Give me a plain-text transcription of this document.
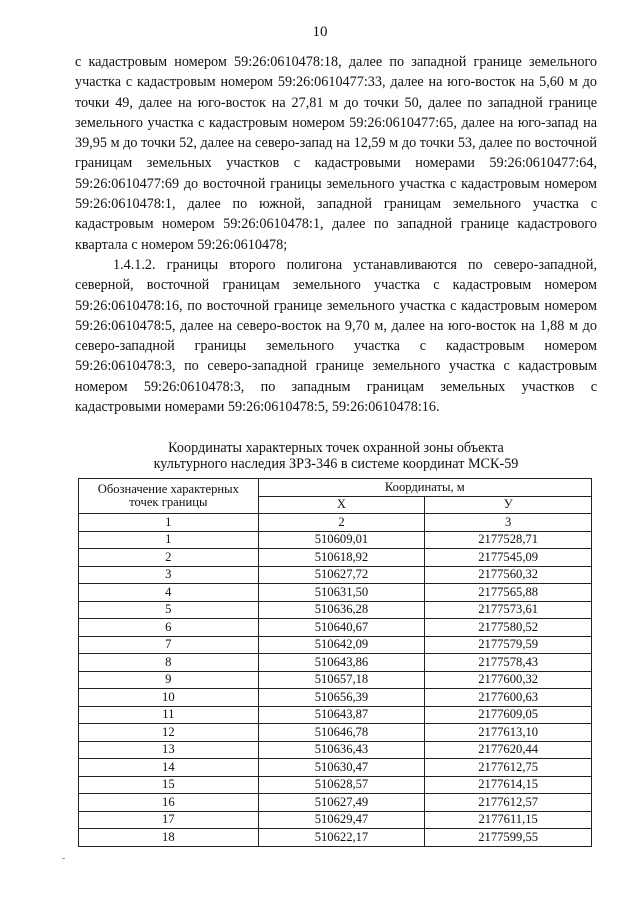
10

с кадастровым номером 59:26:0610478:18, далее по западной границе земельного участка с кадастровым номером 59:26:0610477:33, далее на юго-восток на 5,60 м до точки 49, далее на юго-восток на 27,81 м до точки 50, далее по западной границе земельного участка с кадастровым номером 59:26:0610477:65, далее на юго-запад на 39,95 м до точки 52, далее на северо-запад на 12,59 м до точки 53, далее по восточной границам земельных участков с кадастровыми номерами 59:26:0610477:64, 59:26:0610477:69 до восточной границы земельного участка с кадастровым номером 59:26:0610478:1, далее по южной, западной границам земельного участка с кадастровым номером 59:26:0610478:1, далее по западной границе кадастрового квартала с номером 59:26:0610478;

1.4.1.2. границы второго полигона устанавливаются по северо-западной, северной, восточной границам земельного участка с кадастровым номером 59:26:0610478:16, по восточной границе земельного участка с кадастровым номером 59:26:0610478:5, далее на северо-восток на 9,70 м, далее на юго-восток на 1,88 м до северо-западной границы земельного участка с кадастровым номером 59:26:0610478:3, по северо-западной границе земельного участка с кадастровым номером 59:26:0610478:3, по западным границам земельных участков с кадастровыми номерами 59:26:0610478:5, 59:26:0610478:16.

Координаты характерных точек охранной зоны объекта
культурного наследия ЗРЗ-346 в системе координат МСК-59
Обозначение характерных точек границы	Координаты, м	
	X	У
1	2	3
1	510609,01	2177528,71
2	510618,92	2177545,09
3	510627,72	2177560,32
4	510631,50	2177565,88
5	510636,28	2177573,61
6	510640,67	2177580,52
7	510642,09	2177579,59
8	510643,86	2177578,43
9	510657,18	2177600,32
10	510656,39	2177600,63
11	510643,87	2177609,05
12	510646,78	2177613,10
13	510636,43	2177620,44
14	510630,47	2177612,75
15	510628,57	2177614,15
16	510627,49	2177612,57
17	510629,47	2177611,15
18	510622,17	2177599,55
